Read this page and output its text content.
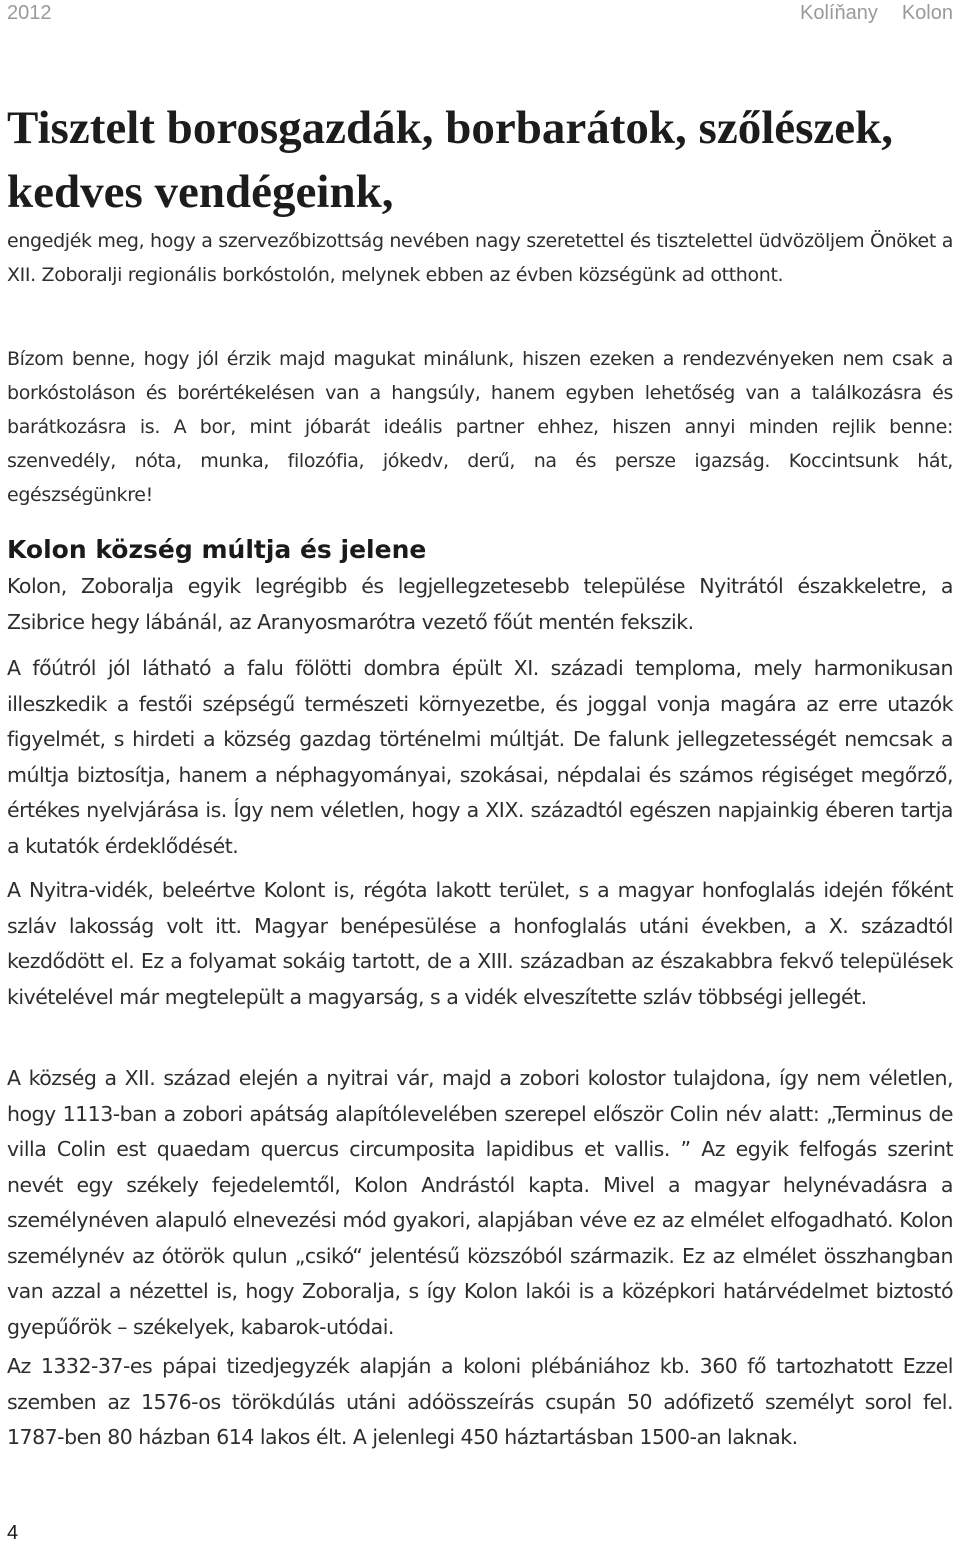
2012	Kolíňany Kolon
Tisztelt borosgazdák, borbarátok, szőlészek, kedves vendégeink,

engedjék meg, hogy a szervezőbizottság nevében nagy szeretettel és tisztelettel üdvözöljem Önöket a XII. Zoboralji regionális borkóstolón, melynek ebben az évben községünk ad otthont.

Bízom benne, hogy jól érzik majd magukat minálunk, hiszen ezeken a rendezvényeken nem csak a borkóstoláson és borértékelésen van a hangsúly, hanem egyben lehetőség van a találkozásra és barátkozásra is. A bor, mint jóbarát ideális partner ehhez, hiszen annyi minden rejlik benne: szenvedély, nóta, munka, filozófia, jókedv, derű, na és persze igazság. Koccintsunk hát, egészségünkre!

Kolon község múltja és jelene

Kolon, Zoboralja egyik legrégibb és legjellegzetesebb települése Nyitrától északkeletre, a Zsibrice hegy lábánál, az Aranyosmarótra vezető főút mentén fekszik.

A főútról jól látható a falu fölötti dombra épült XI. századi temploma, mely harmonikusan illeszkedik a festői szépségű természeti környezetbe, és joggal vonja magára az erre utazók figyelmét, s hirdeti a község gazdag történelmi múltját. De falunk jellegzetességét nemcsak a múltja biztosítja, hanem a néphagyományai, szokásai, népdalai és számos régiséget megőrző, értékes nyelvjárása is. Így nem véletlen, hogy a XIX. századtól egészen napjainkig éberen tartja a kutatók érdeklődését.

A Nyitra-vidék, beleértve Kolont is, régóta lakott terület, s a magyar honfoglalás idején főként szláv lakosság volt itt. Magyar benépesülése a honfoglalás utáni években, a X. századtól kezdődött el. Ez a folyamat sokáig tartott, de a XIII. században az északabbra fekvő települések kivételével már megtelepült a magyarság, s a vidék elveszítette szláv többségi jellegét.

A község a XII. század elején a nyitrai vár, majd a zobori kolostor tulajdona, így nem véletlen, hogy 1113-ban a zobori apátság alapítólevelében szerepel először Colin név alatt: „Terminus de villa Colin est quaedam quercus circumposita lapidibus et vallis. ” Az egyik felfogás szerint nevét egy székely fejedelemtől, Kolon Andrástól kapta. Mivel a magyar helynévadásra a személynéven alapuló elnevezési mód gyakori, alapjában véve ez az elmélet elfogadható. Kolon személynév az ótörök qulun „csikó“ jelentésű közszóból származik. Ez az elmélet összhangban van azzal a nézettel is, hogy Zoboralja, s így Kolon lakói is a középkori határvédelmet biztostó gyepűőrök – székelyek, kabarok-utódai.

Az 1332-37-es pápai tizedjegyzék alapján a koloni plébániához kb. 360 fő tartozhatott Ezzel szemben az 1576-os törökdúlás utáni adóösszeírás csupán 50 adófizető személyt sorol fel. 1787-ben 80 házban 614 lakos élt. A jelenlegi 450 háztartásban 1500-an laknak.

4
